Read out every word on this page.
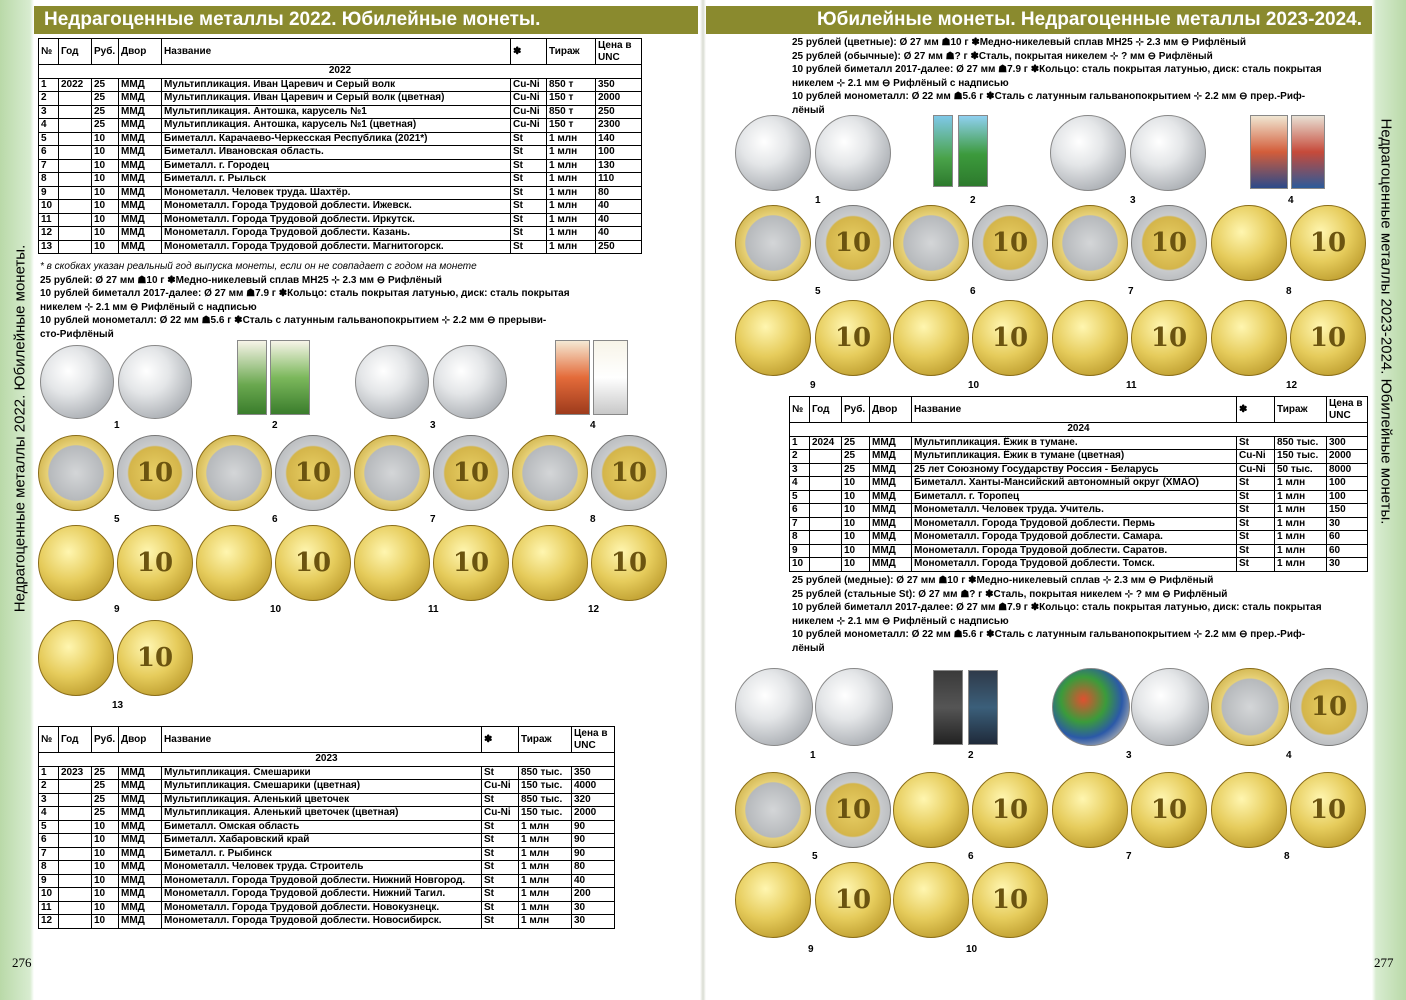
Недрагоценные металлы 2022. Юбилейные монеты.
Недрагоценные металлы 2022. Юбилейные монеты.
276
№	Год	Руб.	Двор	Название	✽	Тираж	Цена в UNC
2022							
1	2022	25	ММД	Мультипликация. Иван Царевич и Серый волк	Cu-Ni	850 т	350
2		25	ММД	Мультипликация. Иван Царевич и Серый волк (цветная)	Cu-Ni	150 т	2000
3		25	ММД	Мультипликация. Антошка, карусель №1	Cu-Ni	850 т	250
4		25	ММД	Мультипликация. Антошка, карусель №1 (цветная)	Cu-Ni	150 т	2300
5		10	ММД	Биметалл. Карачаево-Черкесская Республика (2021*)	St	1 млн	140
6		10	ММД	Биметалл. Ивановская область.	St	1 млн	100
7		10	ММД	Биметалл. г. Городец	St	1 млн	130
8		10	ММД	Биметалл. г. Рыльск	St	1 млн	110
9		10	ММД	Монометалл. Человек труда. Шахтёр.	St	1 млн	80
10		10	ММД	Монометалл. Города Трудовой доблести. Ижевск.	St	1 млн	40
11		10	ММД	Монометалл. Города Трудовой доблести. Иркутск.	St	1 млн	40
12		10	ММД	Монометалл. Города Трудовой доблести. Казань.	St	1 млн	40
13		10	ММД	Монометалл. Города Трудовой доблести. Магнитогорск.	St	1 млн	250
* в скобках указан реальный год выпуска монеты, если он не совпадает с годом на монете
25 рублей: Ø 27 мм ☗10 г ✽Медно-никелевый сплав МН25 ⊹ 2.3 мм ⊖ Рифлёный
10 рублей биметалл 2017-далее: Ø 27 мм ☗7.9 г ✽Кольцо: сталь покрытая латунью, диск: сталь покрытая
никелем ⊹ 2.1 мм ⊖ Рифлёный с надписью
10 рублей монометалл: Ø 22 мм ☗5.6 г ✽Сталь с латунным гальванопокрытием ⊹ 2.2 мм ⊖ прерыви-
сто-Рифлёный
1	2	3	4
10	10	10	10
5	6	7	8
10	10	10	10
9	10	11	12
10
13
№	Год	Руб.	Двор	Название	✽	Тираж	Цена в UNC
2023							
1	2023	25	ММД	Мультипликация. Смешарики	St	850 тыс.	350
2		25	ММД	Мультипликация. Смешарики (цветная)	Cu-Ni	150 тыс.	4000
3		25	ММД	Мультипликация. Аленький цветочек	St	850 тыс.	320
4		25	ММД	Мультипликация. Аленький цветочек (цветная)	Cu-Ni	150 тыс.	2000
5		10	ММД	Биметалл. Омская область	St	1 млн	90
6		10	ММД	Биметалл. Хабаровский край	St	1 млн	90
7		10	ММД	Биметалл. г. Рыбинск	St	1 млн	90
8		10	ММД	Монометалл. Человек труда. Строитель	St	1 млн	80
9		10	ММД	Монометалл. Города Трудовой доблести. Нижний Новгород.	St	1 млн	40
10		10	ММД	Монометалл. Города Трудовой доблести. Нижний Тагил.	St	1 млн	200
11		10	ММД	Монометалл. Города Трудовой доблести. Новокузнецк.	St	1 млн	30
12		10	ММД	Монометалл. Города Трудовой доблести. Новосибирск.	St	1 млн	30
Юбилейные монеты. Недрагоценные металлы 2023-2024.
Недрагоценные металлы 2023-2024. Юбилейные монеты.
277
25 рублей (цветные): Ø 27 мм ☗10 г ✽Медно-никелевый сплав МН25 ⊹ 2.3 мм ⊖ Рифлёный
25 рублей (обычные): Ø 27 мм ☗? г ✽Сталь, покрытая никелем ⊹ ? мм ⊖ Рифлёный
10 рублей биметалл 2017-далее: Ø 27 мм ☗7.9 г ✽Кольцо: сталь покрытая латунью, диск: сталь покрытая
никелем ⊹ 2.1 мм ⊖ Рифлёный с надписью
10 рублей монометалл: Ø 22 мм ☗5.6 г ✽Сталь с латунным гальванопокрытием ⊹ 2.2 мм ⊖ прер.-Риф-
лёный
1	2	3	4
10	10	10	10
5	6	7	8
10	10	10	10
9	10	11	12
№	Год	Руб.	Двор	Название	✽	Тираж	Цена в UNC
2024							
1	2024	25	ММД	Мультипликация. Ёжик в тумане.	St	850 тыс.	300
2		25	ММД	Мультипликация. Ёжик в тумане (цветная)	Cu-Ni	150 тыс.	2000
3		25	ММД	25 лет Союзному Государству Россия - Беларусь	Cu-Ni	50 тыс.	8000
4		10	ММД	Биметалл. Ханты-Мансийский автономный округ (ХМАО)	St	1 млн	100
5		10	ММД	Биметалл. г. Торопец	St	1 млн	100
6		10	ММД	Монометалл. Человек труда. Учитель.	St	1 млн	150
7		10	ММД	Монометалл. Города Трудовой доблести. Пермь	St	1 млн	30
8		10	ММД	Монометалл. Города Трудовой доблести. Самара.	St	1 млн	60
9		10	ММД	Монометалл. Города Трудовой доблести. Саратов.	St	1 млн	60
10		10	ММД	Монометалл. Города Трудовой доблести. Томск.	St	1 млн	30
25 рублей (медные): Ø 27 мм ☗10 г ✽Медно-никелевый сплав ⊹ 2.3 мм ⊖ Рифлёный
25 рублей (стальные St): Ø 27 мм ☗? г ✽Сталь, покрытая никелем ⊹ ? мм ⊖ Рифлёный
10 рублей биметалл 2017-далее: Ø 27 мм ☗7.9 г ✽Кольцо: сталь покрытая латунью, диск: сталь покрытая
никелем ⊹ 2.1 мм ⊖ Рифлёный с надписью
10 рублей монометалл: Ø 22 мм ☗5.6 г ✽Сталь с латунным гальванопокрытием ⊹ 2.2 мм ⊖ прер.-Риф-
лёный
10
1	2	3	4
10	10	10	10
5	6	7	8
10	10
9	10
